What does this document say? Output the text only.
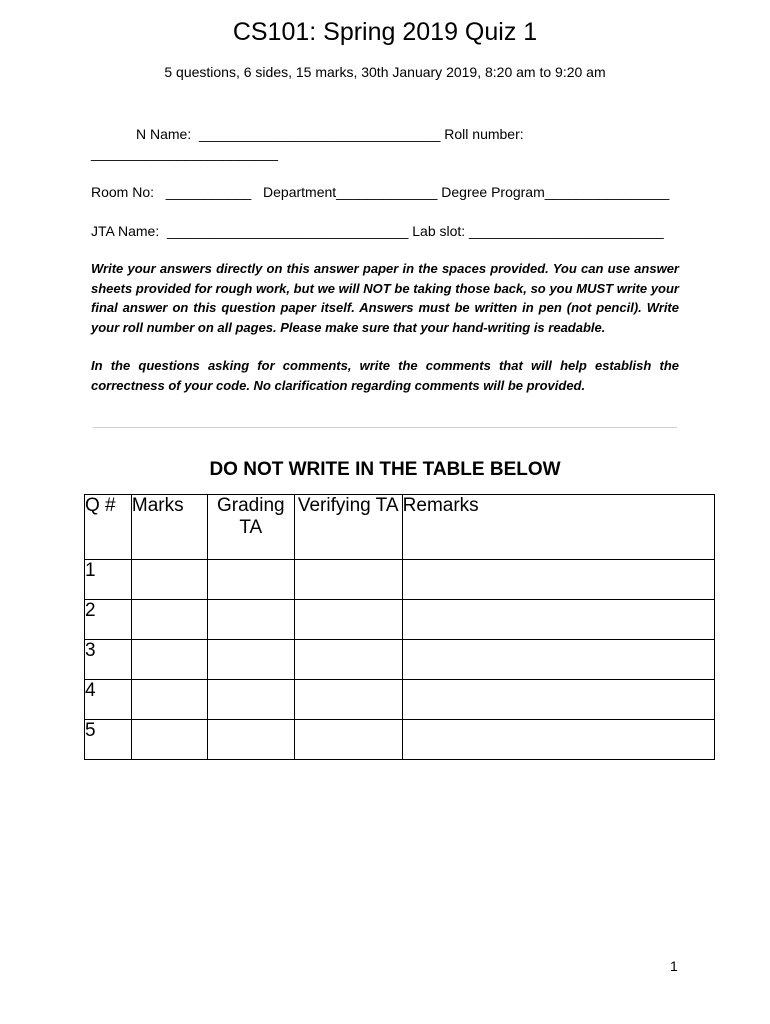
CS101: Spring 2019 Quiz 1
5 questions, 6 sides, 15 marks, 30th January 2019, 8:20 am to 9:20 am
N Name:  _______________________________ Roll number:
________________________
Room No:   ___________   Department_____________ Degree Program________________
JTA Name:  _______________________________ Lab slot: _________________________

Write your answers directly on this answer paper in the spaces provided. You can use answer sheets provided for rough work, but we will NOT be taking those back, so you MUST write your final answer on this question paper itself. Answers must be written in pen (not pencil). Write your roll number on all pages. Please make sure that your hand-writing is readable.

In the questions asking for comments, write the comments that will help establish the correctness of your code. No clarification regarding comments will be provided.

DO NOT WRITE IN THE TABLE BELOW
Q #	Marks	Grading TA	Verifying TA	Remarks
1				
2				
3				
4				
5				
1
